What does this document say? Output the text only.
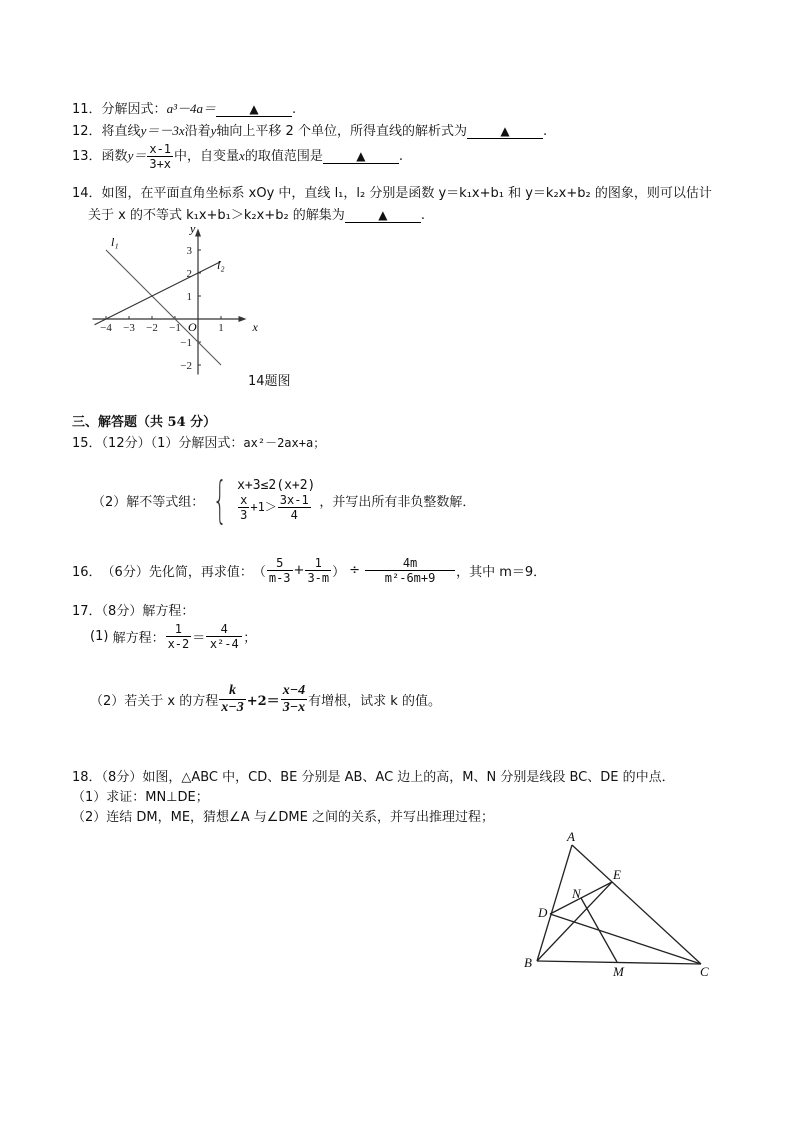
11．分解因式：a³－4a＝	▲	.
12．将直线y＝－3x沿着y轴向上平移 2 个单位，所得直线的解析式为	▲	.
13．函数$y= \frac{x-1}{3+x}$ 中，自变量x的取值范围是	▲	.
14．如图，在平面直角坐标系 xOy 中，直线 l₁，l₂ 分别是函数 y＝k₁x+b₁ 和 y＝k₂x+b₂ 的图象，则可以估计
关于 x 的不等式 k₁x+b₁＞k₂x+b₂ 的解集为	▲	.
−4 −3 −2 −1	1
3
2
1
−1
−2
x
y
O
l₁
l₂
14题图
三、解答题（共 54 分）
15．（12分）（1）分解因式：ax²－2ax+a；
（2） 解不等式组： { x+3≤2(x+2)
$\frac{x}{3} +1> \frac{3x-1}{4}$ ，并写出所有非负整数解．
16． （6分） 先化简，再求值： （ $\frac{5}{m-3} + \frac{1}{3-m}$ ） ÷ $\frac{4m}{\text{m²-6m+9}}$ ，其中 m＝9．
17．（8分）解方程：
(1)
解方程： $\frac{1}{x-2} = \frac{4}{\text{x²-4}}$ ；
（2） 若关于 x 的方程 $\frac{k}{x-3} +2= \frac{x-4}{3-x}$ 有增根，试求 k 的值。
18．（8分）如图，△ABC 中，CD、BE 分别是 AB、AC 边上的高，M、N 分别是线段 BC、DE 的中点．
（1）求证：MN⊥DE；
（2）连结 DM，ME，猜想∠A 与∠DME 之间的关系，并写出推理过程；
A
B
C
D
E
M
N
